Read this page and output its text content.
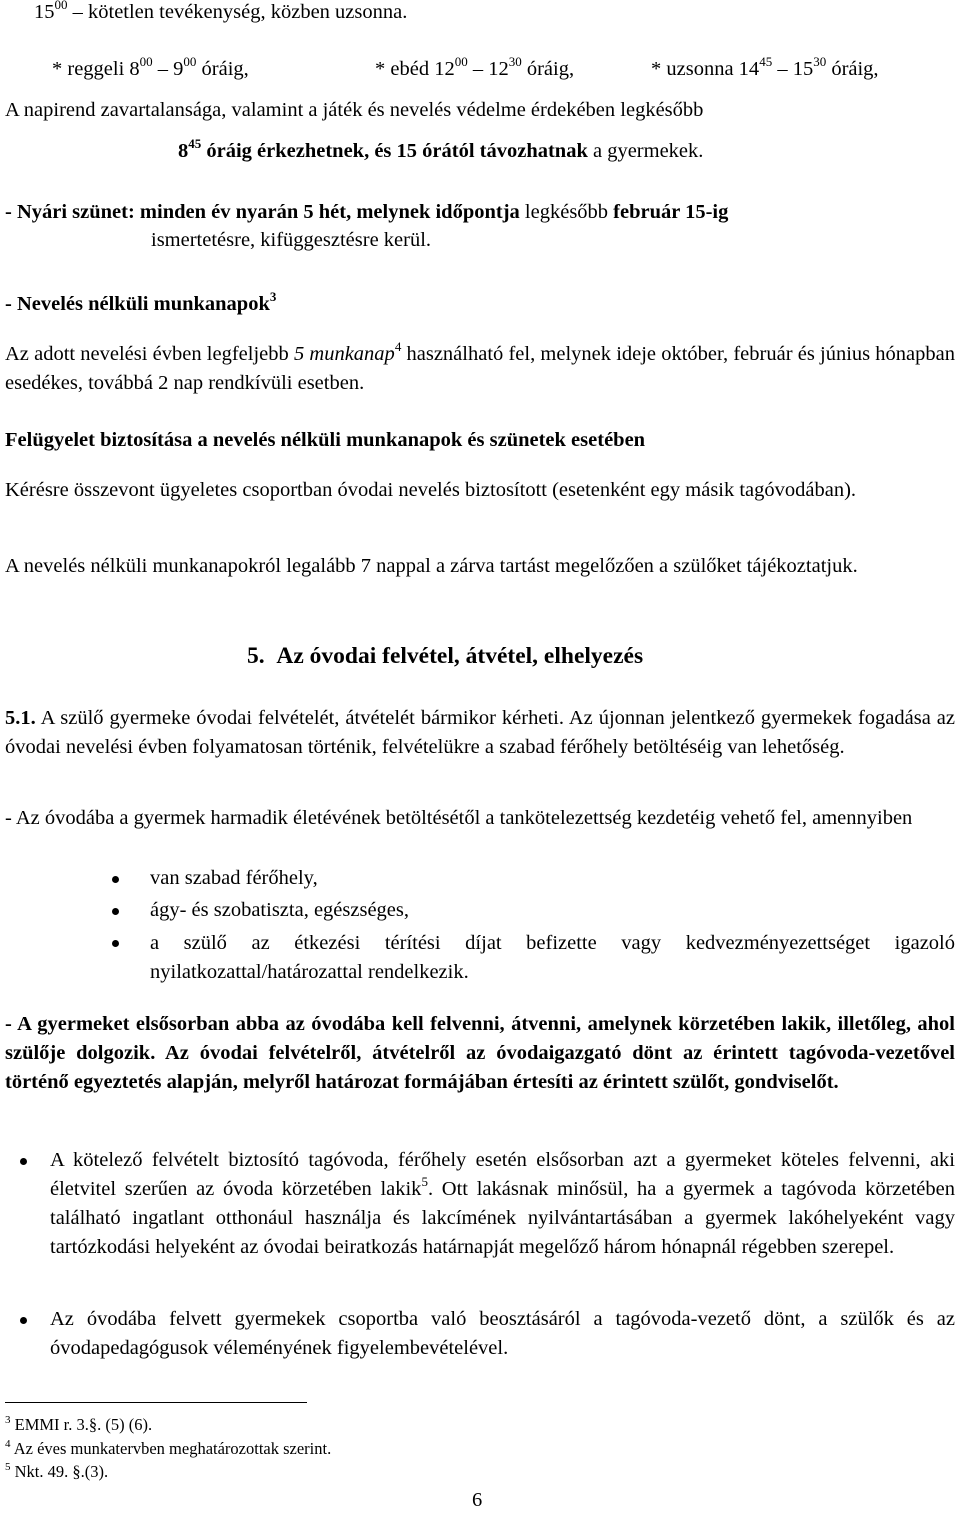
$15^{00}$ – kötetlen tevékenység, közben uzsonna.
* reggeli $8^{00} - 9^{00}$ óráig,	* ebéd $12^{00} - 12^{30}$ óráig,	* uzsonna $14^{45} - 15^{30}$ óráig,
A napirend zavartalansága, valamint a játék és nevelés védelme érdekében legkésőbb
$8^{45}$ óráig érkezhetnek, és 15 órától távozhatnak a gyermekek.
- Nyári szünet: minden év nyarán 5 hét, melynek időpontja legkésőbb február 15-ig
ismertetésre, kifüggesztésre kerül.
- Nevelés nélküli munkanapok$^3$

Az adott nevelési évben legfeljebb 5 munkanap$^4$ használható fel, melynek ideje október, február és június hónapban esedékes, továbbá 2 nap rendkívüli esetben.

Felügyelet biztosítása a nevelés nélküli munkanapok és szünetek esetében

Kérésre összevont ügyeletes csoportban óvodai nevelés biztosított (esetenként egy másik tagóvodában).

A nevelés nélküli munkanapokról legalább 7 nappal a zárva tartást megelőzően a szülőket tájékoztatjuk.

5. Az óvodai felvétel, átvétel, elhelyezés

5.1. A szülő gyermeke óvodai felvételét, átvételét bármikor kérheti. Az újonnan jelentkező gyermekek fogadása az óvodai nevelési évben folyamatosan történik, felvételükre a szabad férőhely betöltéséig van lehetőség.

- Az óvodába a gyermek harmadik életévének betöltésétől a tankötelezettség kezdetéig vehető fel, amennyiben

van szabad férőhely,
ágy- és szobatiszta, egészséges,
a szülő az étkezési térítési díjat befizette vagy kedvezményezettséget igazoló
nyilatkozattal/határozattal rendelkezik.

- A gyermeket elsősorban abba az óvodába kell felvenni, átvenni, amelynek körzetében lakik, illetőleg, ahol szülője dolgozik. Az óvodai felvételről, átvételről az óvodaigazgató dönt az érintett tagóvoda-vezetővel történő egyeztetés alapján, melyről határozat formájában értesíti az érintett szülőt, gondviselőt.

A kötelező felvételt biztosító tagóvoda, férőhely esetén elsősorban azt a gyermeket köteles felvenni, aki életvitel szerűen az óvoda körzetében lakik$^5$. Ott lakásnak minősül, ha a gyermek a tagóvoda körzetében található ingatlant otthonául használja és lakcímének nyilvántartásában a gyermek lakóhelyeként vagy tartózkodási helyeként az óvodai beiratkozás határnapját megelőző három hónapnál régebben szerepel.

Az óvodába felvett gyermekek csoportba való beosztásáról a tagóvoda-vezető dönt, a szülők és az óvodapedagógusok véleményének figyelembevételével.

$^3$ EMMI r. 3.§. (5) (6).
$^4$ Az éves munkatervben meghatározottak szerint.
$^5$ Nkt. 49. §.(3).
6
